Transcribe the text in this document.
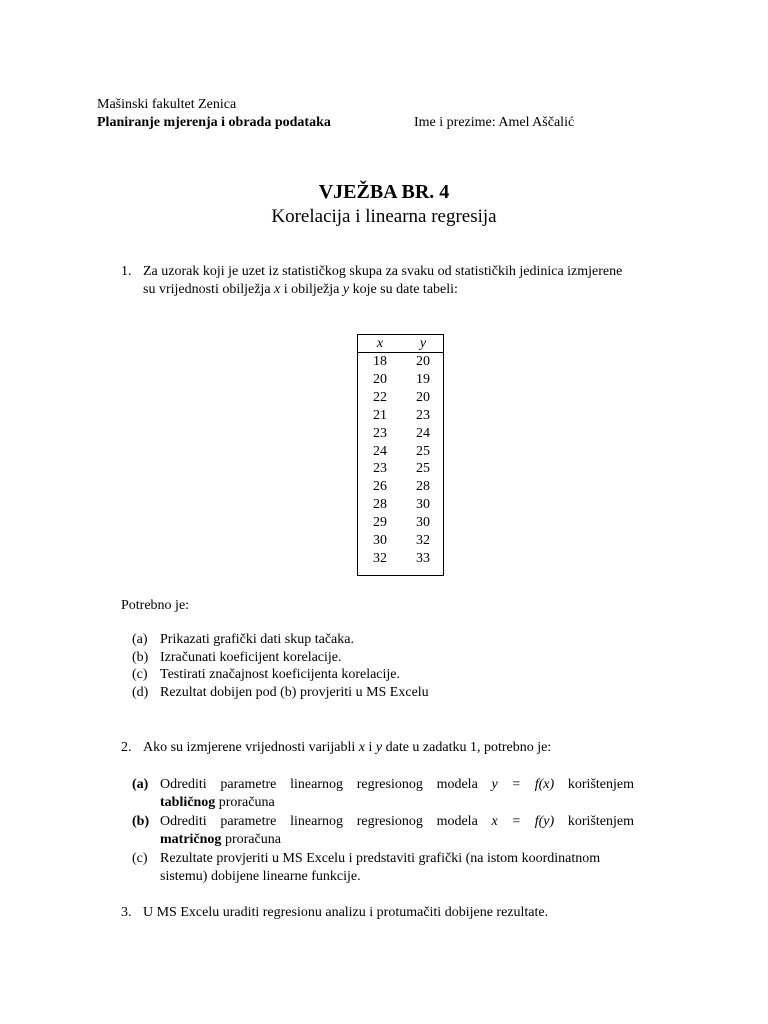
Mašinski fakultet Zenica
Planiranje mjerenja i obrada podataka	Ime i prezime: Amel Aščalić
VJEŽBA BR. 4
Korelacija i linearna regresija
1. Za uzorak koji je uzet iz statističkog skupa za svaku od statističkih jedinica izmjerene
su vrijednosti obilježja x i obilježja y koje su date tabeli:
x	y
18	20
20	19
22	20
21	23
23	24
24	25
23	25
26	28
28	30
29	30
30	32
32	33
Potrebno je:
(a) Prikazati grafički dati skup tačaka.
(b) Izračunati koeficijent korelacije.
(c) Testirati značajnost koeficijenta korelacije.
(d) Rezultat dobijen pod (b) provjeriti u MS Excelu
2. Ako su izmjerene vrijednosti varijabli x i y date u zadatku 1, potrebno je:
(a) Odrediti parametre linearnog regresionog modela y = f(x) korištenjem
tabličnog proračuna
(b) Odrediti parametre linearnog regresionog modela x = f(y) korištenjem
matričnog proračuna
(c) Rezultate provjeriti u MS Excelu i predstaviti grafički (na istom koordinatnom
sistemu) dobijene linearne funkcije.
3. U MS Excelu uraditi regresionu analizu i protumačiti dobijene rezultate.
